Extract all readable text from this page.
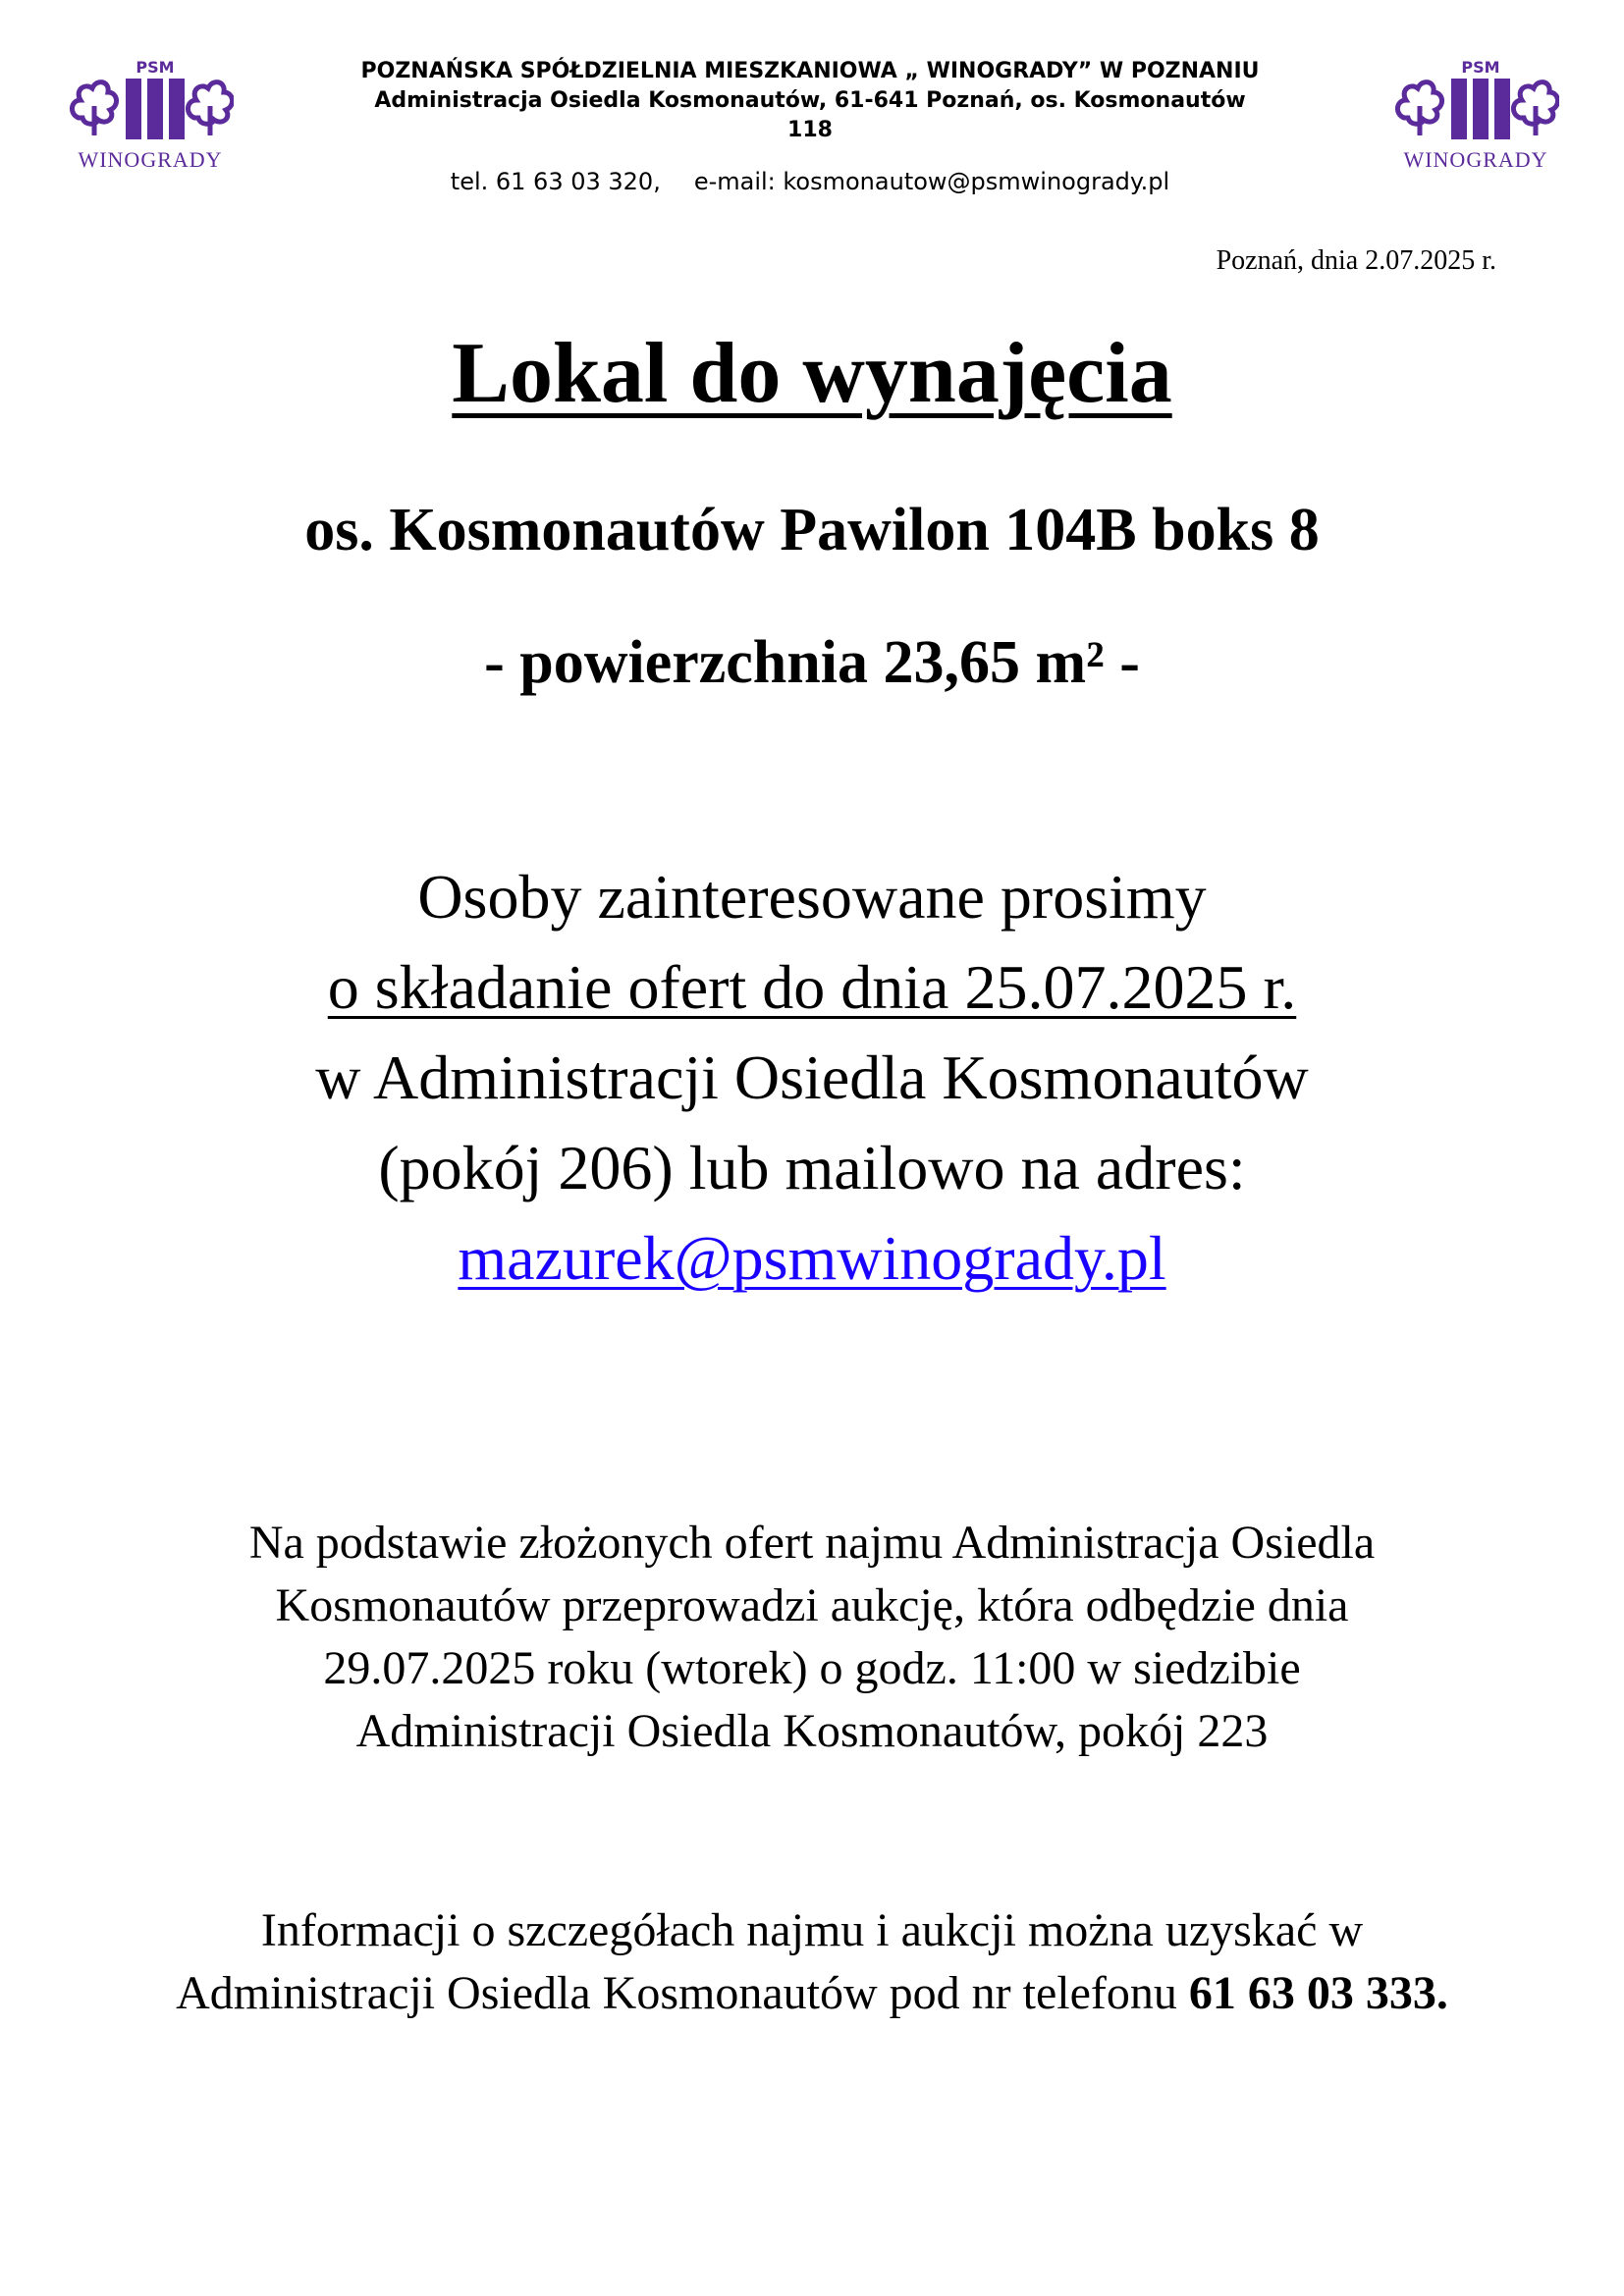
PSM
WINOGRADY
PSM
WINOGRADY
POZNAŃSKA SPÓŁDZIELNIA MIESZKANIOWA „ WINOGRADY” W POZNANIU
Administracja Osiedla Kosmonautów, 61-641 Poznań, os. Kosmonautów
118
tel. 61 63 03 320, e-mail: kosmonautow@psmwinogrady.pl
Poznań, dnia 2.07.2025 r.
Lokal do wynajęcia
os. Kosmonautów Pawilon 104B boks 8
- powierzchnia 23,65 m² -
Osoby zainteresowane prosimy
o składanie ofert do dnia 25.07.2025 r.
w Administracji Osiedla Kosmonautów
(pokój 206) lub mailowo na adres:
mazurek@psmwinogrady.pl
Na podstawie złożonych ofert najmu Administracja Osiedla
Kosmonautów przeprowadzi aukcję, która odbędzie dnia
29.07.2025 roku (wtorek) o godz. 11:00 w siedzibie
Administracji Osiedla Kosmonautów, pokój 223
Informacji o szczegółach najmu i aukcji można uzyskać w
Administracji Osiedla Kosmonautów pod nr telefonu 61 63 03 333.
